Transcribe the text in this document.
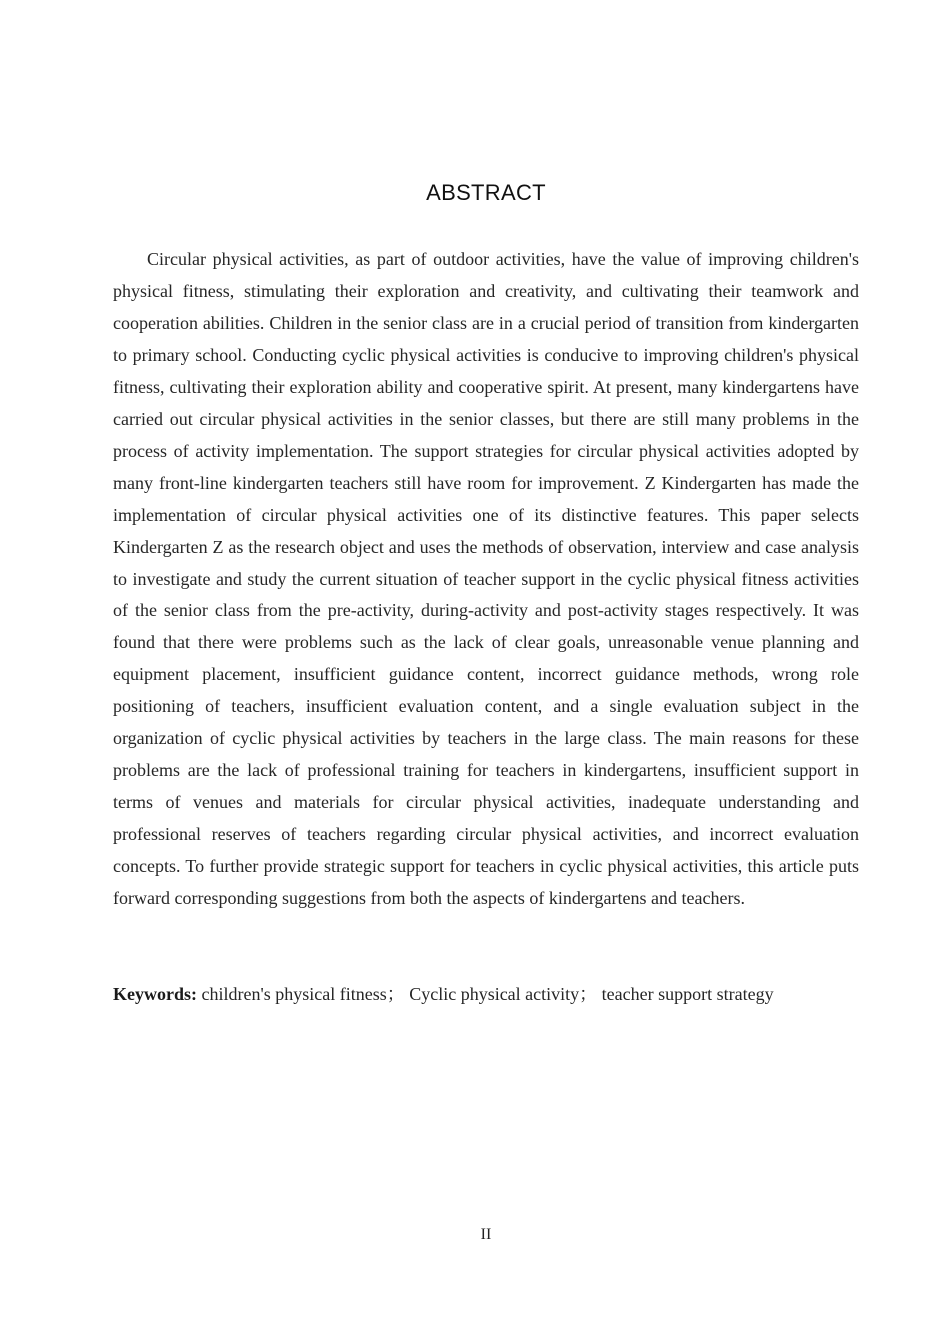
ABSTRACT

Circular physical activities, as part of outdoor activities, have the value of improving children's physical fitness, stimulating their exploration and creativity, and cultivating their teamwork and cooperation abilities. Children in the senior class are in a crucial period of transition from kindergarten to primary school. Conducting cyclic physical activities is conducive to improving children's physical fitness, cultivating their exploration ability and cooperative spirit. At present, many kindergartens have carried out circular physical activities in the senior classes, but there are still many problems in the process of activity implementation. The support strategies for circular physical activities adopted by many front-line kindergarten teachers still have room for improvement. Z Kindergarten has made the implementation of circular physical activities one of its distinctive features. This paper selects Kindergarten Z as the research object and uses the methods of observation, interview and case analysis to investigate and study the current situation of teacher support in the cyclic physical fitness activities of the senior class from the pre-activity, during-activity and post-activity stages respectively. It was found that there were problems such as the lack of clear goals, unreasonable venue planning and equipment placement, insufficient guidance content, incorrect guidance methods, wrong role positioning of teachers, insufficient evaluation content, and a single evaluation subject in the organization of cyclic physical activities by teachers in the large class. The main reasons for these problems are the lack of professional training for teachers in kindergartens, insufficient support in terms of venues and materials for circular physical activities, inadequate understanding and professional reserves of teachers regarding circular physical activities, and incorrect evaluation concepts. To further provide strategic support for teachers in cyclic physical activities, this article puts forward corresponding suggestions from both the aspects of kindergartens and teachers.

Keywords: children's physical fitness； Cyclic physical activity； teacher support strategy

II
